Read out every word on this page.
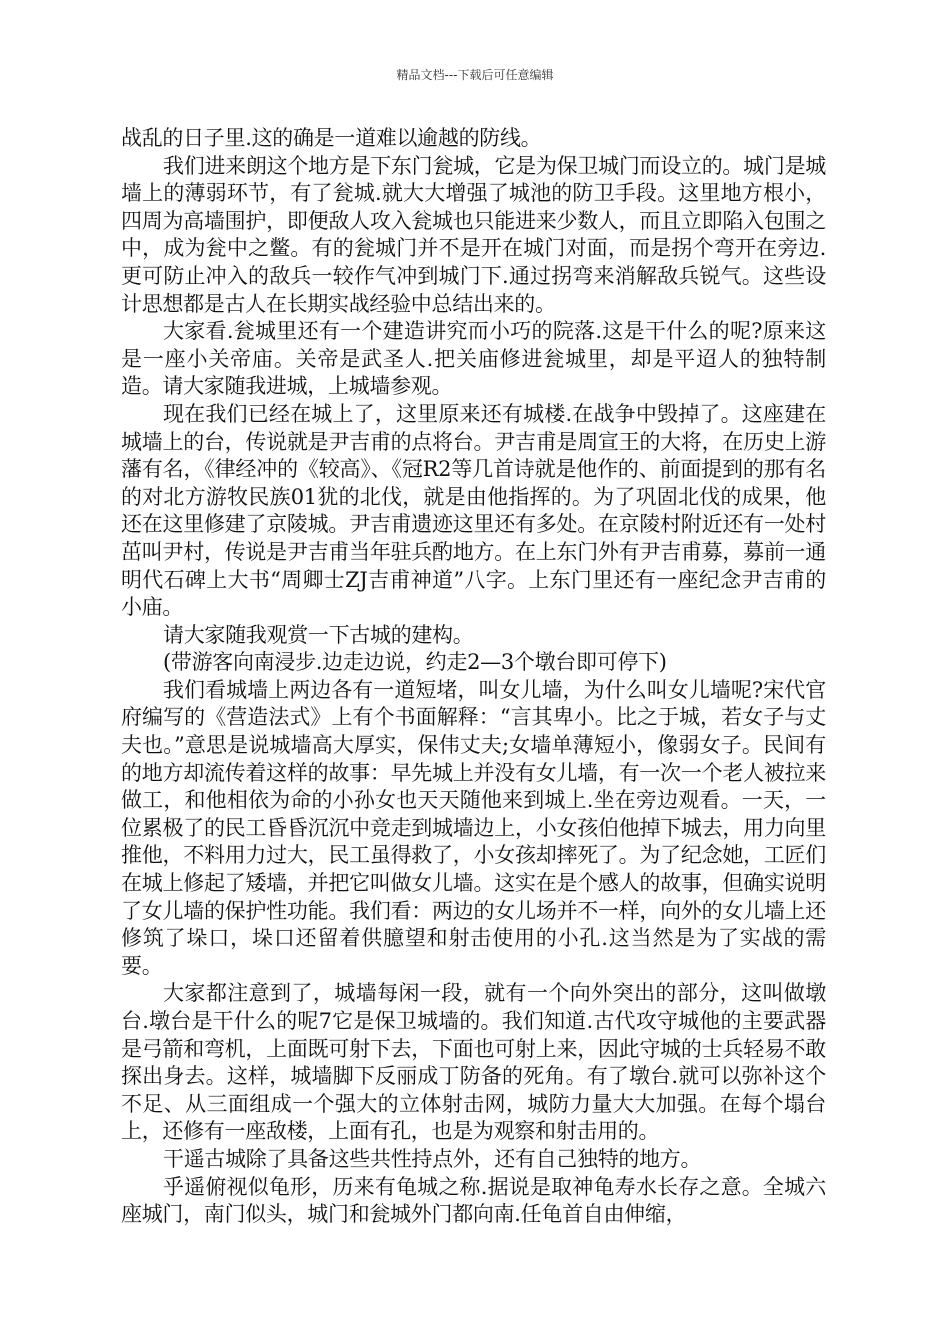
精品文档---下载后可任意编辑

战乱的日子里.这的确是一道难以逾越的防线。

我们进来朗这个地方是下东门瓮城，它是为保卫城门而设立的。城门是城墙上的薄弱环节，有了瓮城.就大大增强了城池的防卫手段。这里地方根小，四周为高墙围护，即便敌人攻入瓮城也只能进来少数人，而且立即陷入包围之中，成为瓮中之鳖。有的瓮城门并不是开在城门对面，而是拐个弯开在旁边.更可防止冲入的敌兵一较作气冲到城门下.通过拐弯来消解敌兵锐气。这些设计思想都是古人在长期实战经验中总结出来的。

大家看.瓮城里还有一个建造讲究而小巧的院落.这是干什么的呢?原来这是一座小关帝庙。关帝是武圣人.把关庙修进瓮城里，却是平迢人的独特制造。请大家随我进城，上城墙参观。

现在我们已经在城上了，这里原来还有城楼.在战争中毁掉了。这座建在城墙上的台，传说就是尹吉甫的点将台。尹吉甫是周宣王的大将，在历史上游藩有名，《律经冲的《较高》、《冠R2等几首诗就是他作的、前面提到的那有名的对北方游牧民族01犹的北伐，就是由他指挥的。为了巩固北伐的成果，他还在这里修建了京陵城。尹吉甫遗迹这里还有多处。在京陵村附近还有一处村茁叫尹村，传说是尹吉甫当年驻兵酌地方。在上东门外有尹吉甫募，募前一通明代石碑上大书“周卿士ZJ吉甫神道”八字。上东门里还有一座纪念尹吉甫的小庙。

请大家随我观赏一下古城的建构。

(带游客向南浸步.边走边说，约走2—3个墩台即可停下)

我们看城墙上两边各有一道短堵，叫女儿墙，为什么叫女儿墙呢?宋代官府编写的《营造法式》上有个书面解释：“言其卑小。比之于城，若女子与丈夫也。”意思是说城墙高大厚实，保伟丈夫;女墙单薄短小，像弱女子。民间有的地方却流传着这样的故事：早先城上并没有女儿墙，有一次一个老人被拉来做工，和他相依为命的小孙女也天天随他来到城上.坐在旁边观看。一天，一位累极了的民工昏昏沉沉中竞走到城墙边上，小女孩伯他掉下城去，用力向里推他，不料用力过大，民工虽得救了，小女孩却摔死了。为了纪念她，工匠们在城上修起了矮墙，并把它叫做女儿墙。这实在是个感人的故事，但确实说明了女儿墙的保护性功能。我们看：两边的女儿场并不一样，向外的女儿墙上还修筑了垛口，垛口还留着供臆望和射击使用的小孔.这当然是为了实战的需要。

大家都注意到了，城墙每闲一段，就有一个向外突出的部分，这叫做墩台.墩台是干什么的呢7它是保卫城墙的。我们知道.古代攻守城他的主要武器是弓箭和弯机，上面既可射下去，下面也可射上来，因此守城的士兵轻易不敢探出身去。这样，城墙脚下反丽成丁防备的死角。有了墩台.就可以弥补这个不足、从三面组成一个强大的立体射击网，城防力量大大加强。在每个塌台上，还修有一座敌楼，上面有孔，也是为观察和射击用的。

干遥古城除了具备这些共性持点外，还有自己独特的地方。

乎遥俯视似龟形，历来有龟城之称.据说是取神龟寿水长存之意。全城六座城门，南门似头，城门和瓮城外门都向南.任龟首自由伸缩，
